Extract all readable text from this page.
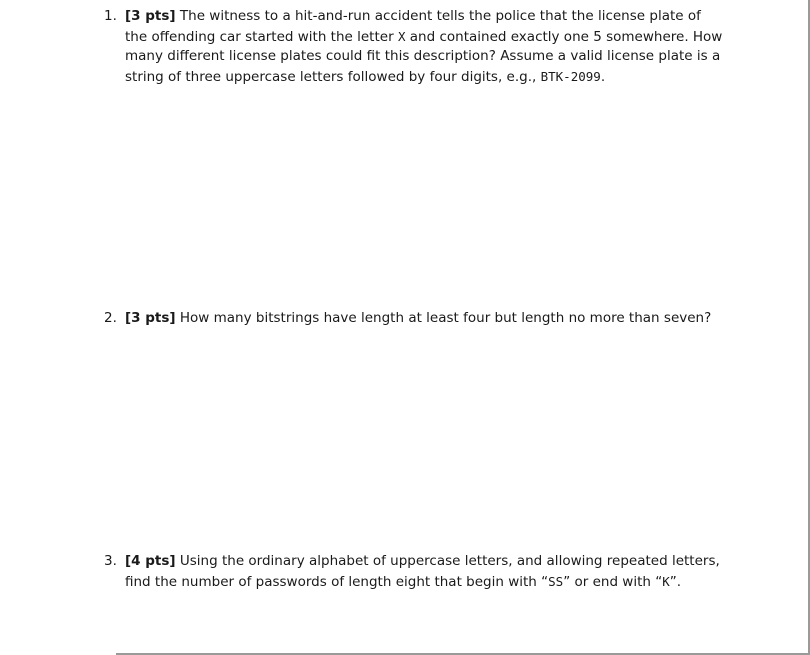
1. [3 pts] The witness to a hit-and-run accident tells the police that the license plate of the offending car started with the letter X and contained exactly one 5 somewhere. How many different license plates could fit this description? Assume a valid license plate is a string of three uppercase letters followed by four digits, e.g., BTK-2099.
2. [3 pts] How many bitstrings have length at least four but length no more than seven?
3. [4 pts] Using the ordinary alphabet of uppercase letters, and allowing repeated letters, find the number of passwords of length eight that begin with “SS” or end with “K”.
